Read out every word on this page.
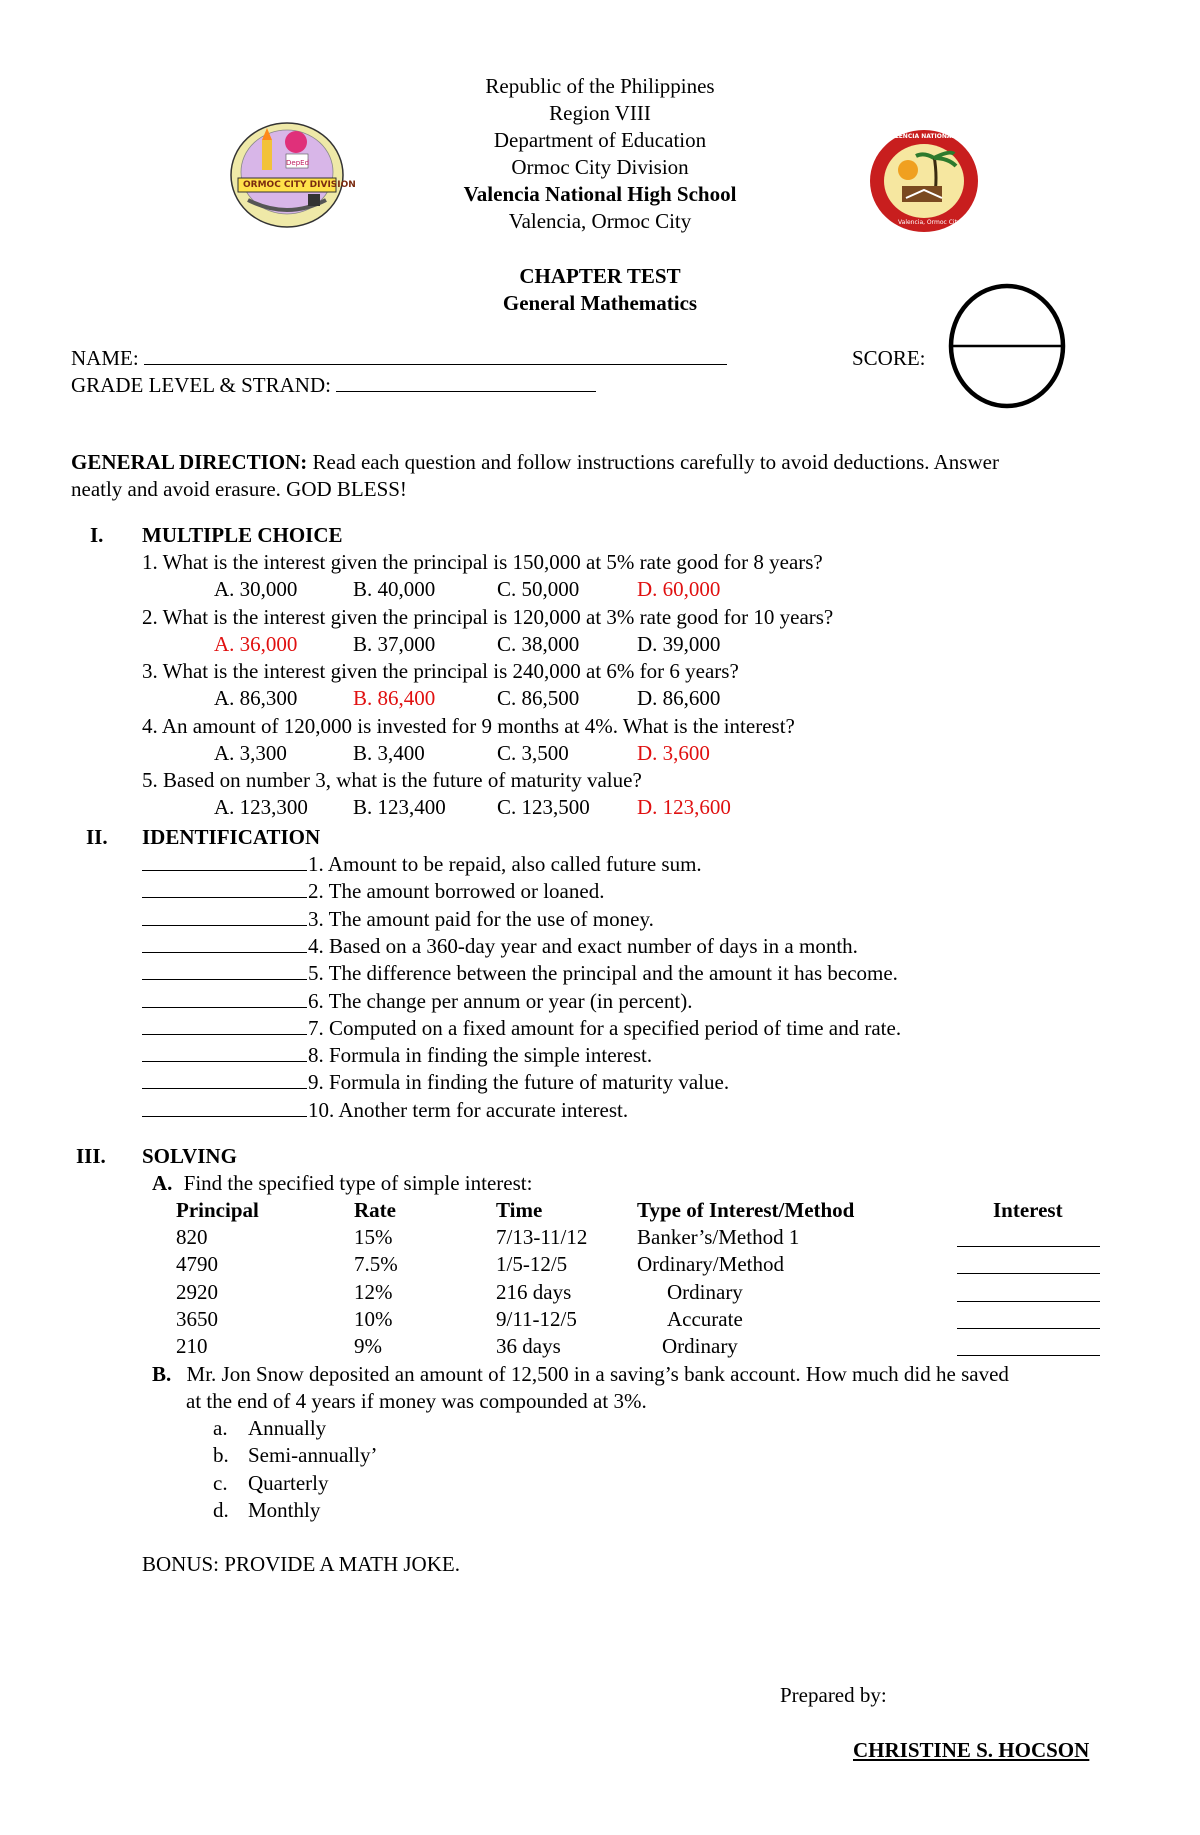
DepEd
ORMOC CITY DIVISION
VALENCIA NATIONAL HIGH SCHOOL
Valencia, Ormoc City
Republic of the Philippines
Region VIII
Department of Education
Ormoc City Division
Valencia National High School
Valencia, Ormoc City
CHAPTER TEST
General Mathematics
NAME:
GRADE LEVEL & STRAND:
SCORE:
GENERAL DIRECTION: Read each question and follow instructions carefully to avoid deductions. Answer
neatly and avoid erasure. GOD BLESS!
I. MULTIPLE CHOICE
1. What is the interest given the principal is 150,000 at 5% rate good for 8 years?
A. 30,000	B. 40,000	C. 50,000	D. 60,000
2. What is the interest given the principal is 120,000 at 3% rate good for 10 years?
A. 36,000	B. 37,000	C. 38,000	D. 39,000
3. What is the interest given the principal is 240,000 at 6% for 6 years?
A. 86,300	B. 86,400	C. 86,500	D. 86,600
4. An amount of 120,000 is invested for 9 months at 4%. What is the interest?
A. 3,300	B. 3,400	C. 3,500	D. 3,600
5. Based on number 3, what is the future of maturity value?
A. 123,300 B. 123,400 C. 123,500 D. 123,600
II. IDENTIFICATION
1. Amount to be repaid, also called future sum.
2. The amount borrowed or loaned.
3. The amount paid for the use of money.
4. Based on a 360-day year and exact number of days in a month.
5. The difference between the principal and the amount it has become.
6. The change per annum or year (in percent).
7. Computed on a fixed amount for a specified period of time and rate.
8. Formula in finding the simple interest.
9. Formula in finding the future of maturity value.
10. Another term for accurate interest.
III. SOLVING
A. Find the specified type of simple interest:
Principal	Rate	Time	Type of Interest/Method	Interest
820	15%	7/13-11/12 Banker’s/Method 1
4790	7.5%	1/5-12/5	Ordinary/Method
2920	12%	216 days	Ordinary
3650	10%	9/11-12/5	Accurate
210	9%	36 days	Ordinary
B. Mr. Jon Snow deposited an amount of 12,500 in a saving’s bank account. How much did he saved
at the end of 4 years if money was compounded at 3%.
a. Annually
b. Semi-annually’
c. Quarterly
d. Monthly
BONUS: PROVIDE A MATH JOKE.
Prepared by:
CHRISTINE S. HOCSON
